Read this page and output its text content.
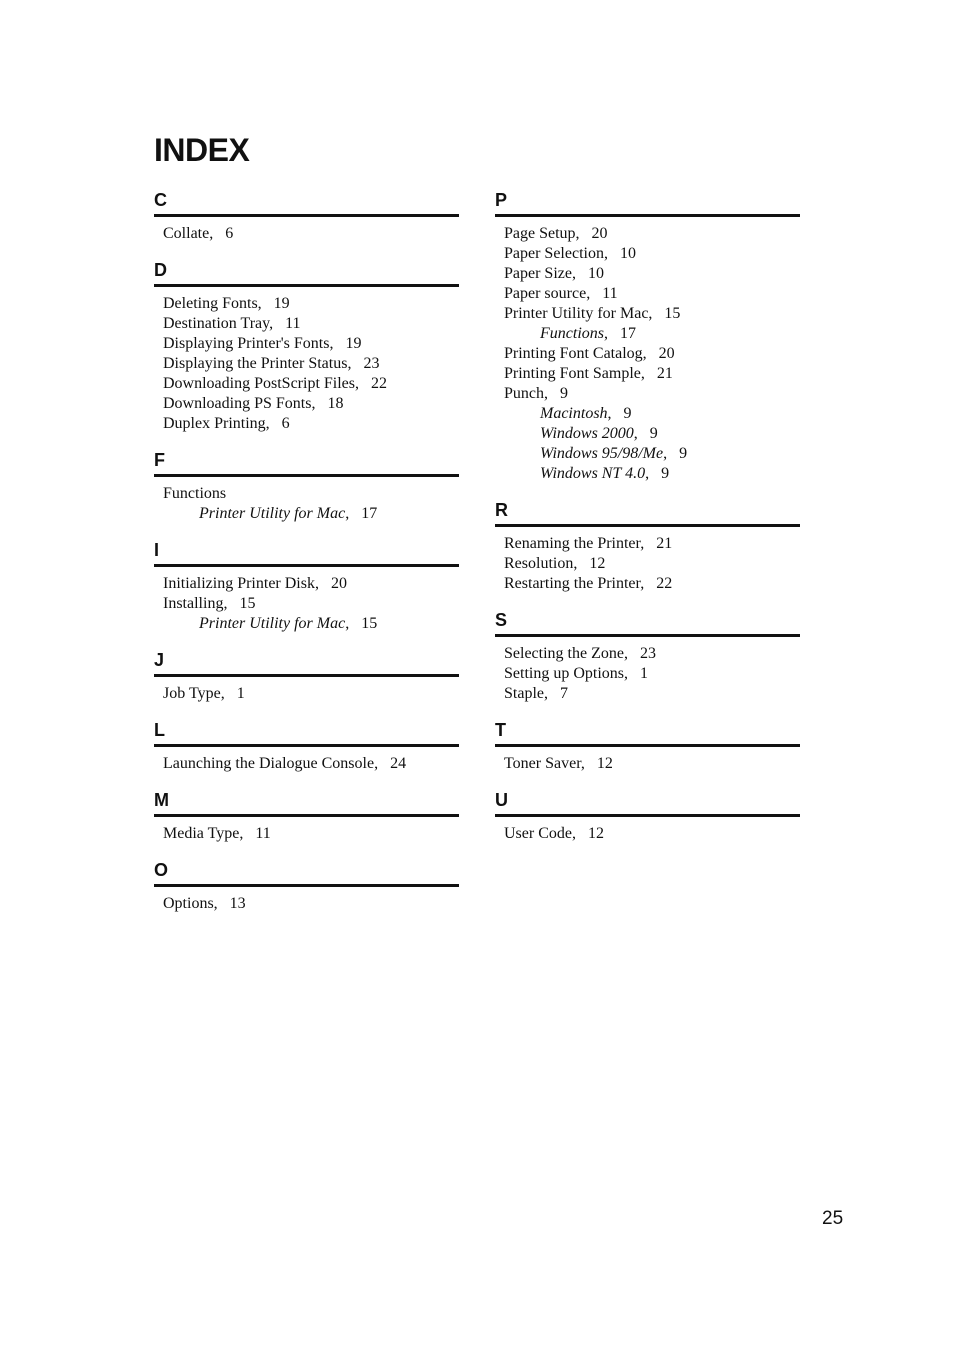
INDEX
C
Collate, 6
D
Deleting Fonts, 19
Destination Tray, 11
Displaying Printer's Fonts, 19
Displaying the Printer Status, 23
Downloading PostScript Files, 22
Downloading PS Fonts, 18
Duplex Printing, 6
F
Functions
Printer Utility for Mac, 17
I
Initializing Printer Disk, 20
Installing, 15
Printer Utility for Mac, 15
J
Job Type, 1
L
Launching the Dialogue Console, 24
M
Media Type, 11
O
Options, 13
P
Page Setup, 20
Paper Selection, 10
Paper Size, 10
Paper source, 11
Printer Utility for Mac, 15
Functions, 17
Printing Font Catalog, 20
Printing Font Sample, 21
Punch, 9
Macintosh, 9
Windows 2000, 9
Windows 95/98/Me, 9
Windows NT 4.0, 9
R
Renaming the Printer, 21
Resolution, 12
Restarting the Printer, 22
S
Selecting the Zone, 23
Setting up Options, 1
Staple, 7
T
Toner Saver, 12
U
User Code, 12
25
